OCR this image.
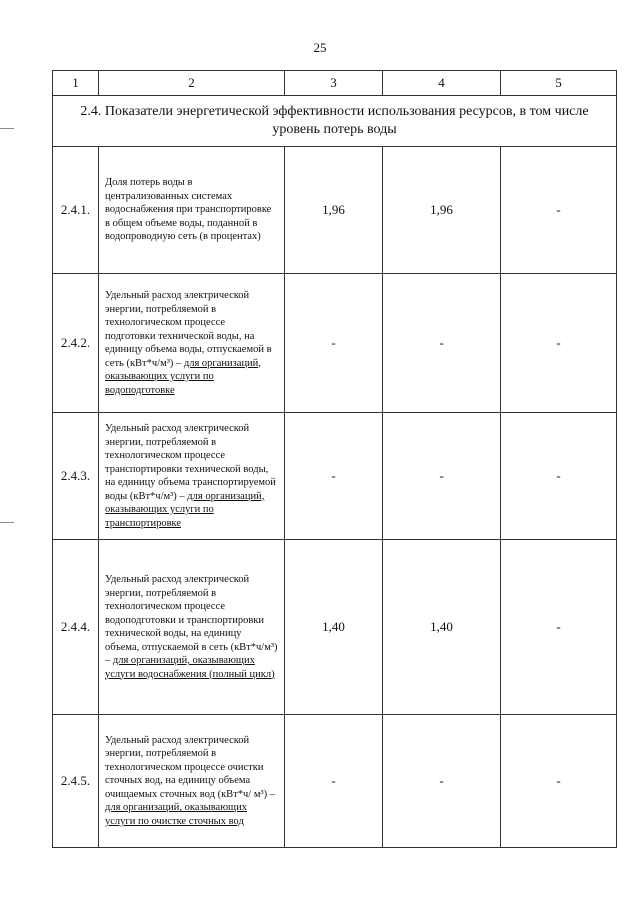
25
1	2	3	4	5
2.4. Показатели энергетической эффективности использования ресурсов, в том числе уровень потерь воды				
2.4.1.	Доля потерь воды в централизованных системах водоснабжения при транспортировке в общем объеме воды, поданной в водопроводную сеть (в процентах)	1,96	1,96	-
2.4.2.	Удельный расход электрической энергии, потребляемой в технологическом процессе подготовки технической воды, на единицу объема воды, отпускаемой в сеть (кВт*ч/м³) – для организаций, оказывающих услуги по водоподготовке	-	-	-
2.4.3.	Удельный расход электрической энергии, потребляемой в технологическом процессе транспортировки технической воды, на единицу объема транспортируемой воды (кВт*ч/м³) – для организаций, оказывающих услуги по транспортировке	-	-	-
2.4.4.	Удельный расход электрической энергии, потребляемой в технологическом процессе водоподготовки и транспортировки технической воды, на единицу объема, отпускаемой в сеть (кВт*ч/м³) – для организаций, оказывающих услуги водоснабжения (полный цикл)	1,40	1,40	-
2.4.5.	Удельный расход электрической энергии, потребляемой в технологическом процессе очистки сточных вод, на единицу объема очищаемых сточных вод (кВт*ч/ м³) – для организаций, оказывающих услуги по очистке сточных вод	-	-	-
